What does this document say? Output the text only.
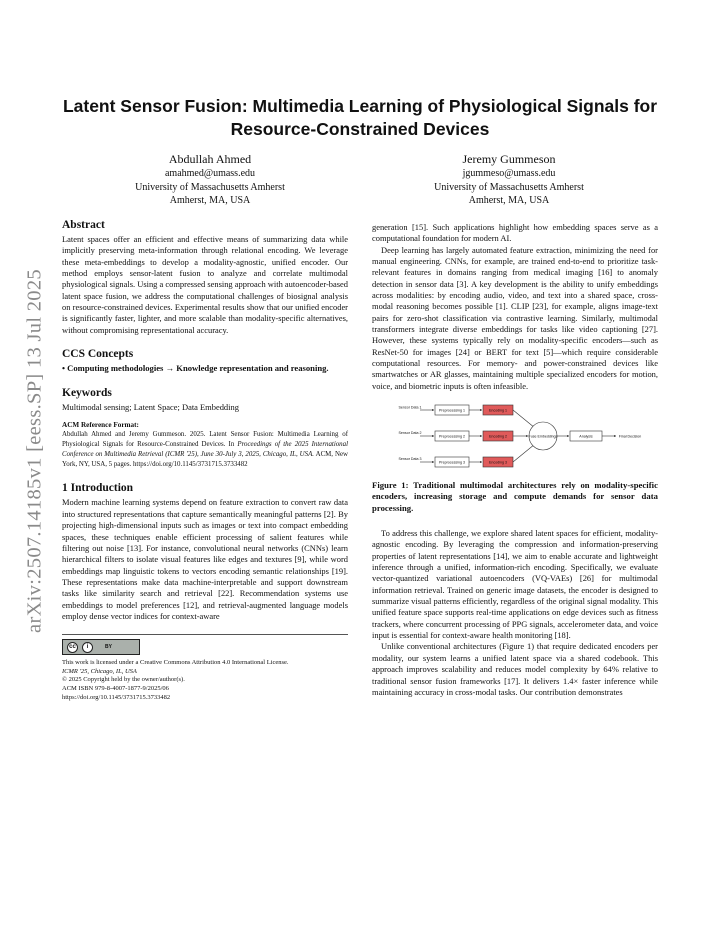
arXiv:2507.14185v1 [eess.SP] 13 Jul 2025
Latent Sensor Fusion: Multimedia Learning of Physiological Signals for Resource-Constrained Devices
Abdullah Ahmed
amahmed@umass.edu
University of Massachusetts Amherst
Amherst, MA, USA
Jeremy Gummeson
jgummeso@umass.edu
University of Massachusetts Amherst
Amherst, MA, USA
Abstract

Latent spaces offer an efficient and effective means of summarizing data while implicitly preserving meta-information through relational encoding. We leverage these meta-embeddings to develop a modality-agnostic, unified encoder. Our method employs sensor-latent fusion to analyze and correlate multimodal physiological signals. Using a compressed sensing approach with autoencoder-based latent space fusion, we address the computational challenges of biosignal analysis on resource-constrained devices. Experimental results show that our unified encoder is significantly faster, lighter, and more scalable than modality-specific alternatives, without compromising representational accuracy.

CCS Concepts

• Computing methodologies → Knowledge representation and reasoning.

Keywords

Multimodal sensing; Latent Space; Data Embedding

ACM Reference Format:

Abdullah Ahmed and Jeremy Gummeson. 2025. Latent Sensor Fusion: Multimedia Learning of Physiological Signals for Resource-Constrained Devices. In Proceedings of the 2025 International Conference on Multimedia Retrieval (ICMR '25), June 30-July 3, 2025, Chicago, IL, USA. ACM, New York, NY, USA, 5 pages. https://doi.org/10.1145/3731715.3733482

1 Introduction

Modern machine learning systems depend on feature extraction to convert raw data into structured representations that capture semantically meaningful patterns [2]. By projecting high-dimensional inputs such as images or text into compact embedding spaces, these techniques enable efficient processing of salient features while filtering out noise [13]. For instance, convolutional neural networks (CNNs) learn hierarchical filters to isolate visual features like edges and textures [9], while word embeddings map linguistic tokens to vectors encoding semantic relationships [19]. These representations make data machine-interpretable and support downstream tasks like similarity search and retrieval [22]. Recommendation systems use embeddings to model preferences [12], and retrieval-augmented language models employ dense vector indices for context-aware

cc	i	BY

This work is licensed under a Creative Commons Attribution 4.0 International License.

ICMR '25, Chicago, IL, USA

© 2025 Copyright held by the owner/author(s).

ACM ISBN 979-8-4007-1877-9/2025/06

https://doi.org/10.1145/3731715.3733482

generation [15]. Such applications highlight how embedding spaces serve as a computational foundation for modern AI.

Deep learning has largely automated feature extraction, minimizing the need for manual engineering. CNNs, for example, are trained end-to-end to prioritize task-relevant features in domains ranging from medical imaging [16] to anomaly detection in sensor data [3]. A key development is the ability to unify embeddings across modalities: by encoding audio, video, and text into a shared space, cross-modal reasoning becomes possible [1]. CLIP [23], for example, aligns image-text pairs for zero-shot classification via contrastive learning. Similarly, multimodal transformers integrate diverse embeddings for tasks like video captioning [27]. However, these systems typically rely on modality-specific encoders—such as ResNet-50 for images [24] or BERT for text [5]—which require considerable computational resources. For memory- and power-constrained devices like smartwatches or AR glasses, maintaining multiple specialized encoders for motion, voice, and biometric inputs is often infeasible.

Sensor Data 1
Preprocessing 1	Encoding 1
Sensor Data 2
Preprocessing 2	Encoding 2
Sensor Data 3
Preprocessing 3	Encoding 3
Fuse Embeddings	Analysis	Final Decision

Figure 1: Traditional multimodal architectures rely on modality-specific encoders, increasing storage and compute demands for sensor data processing.

To address this challenge, we explore shared latent spaces for efficient, modality-agnostic encoding. By leveraging the compression and information-preserving properties of latent representations [14], we aim to enable accurate and lightweight inference through a unified, information-rich encoding. Specifically, we evaluate vector-quantized variational autoencoders (VQ-VAEs) [26] for multimodal information retrieval. Trained on generic image datasets, the encoder is designed to summarize visual patterns efficiently, regardless of the original signal modality. This unified feature space supports real-time applications on edge devices such as fitness trackers, where concurrent processing of PPG signals, accelerometer data, and voice input is essential for context-aware health monitoring [18].

Unlike conventional architectures (Figure 1) that require dedicated encoders per modality, our system learns a unified latent space via a shared codebook. This approach improves scalability and reduces model complexity by 64% relative to traditional sensor fusion frameworks [17]. It delivers 1.4× faster inference while maintaining accuracy in cross-modal tasks. Our contribution demonstrates
